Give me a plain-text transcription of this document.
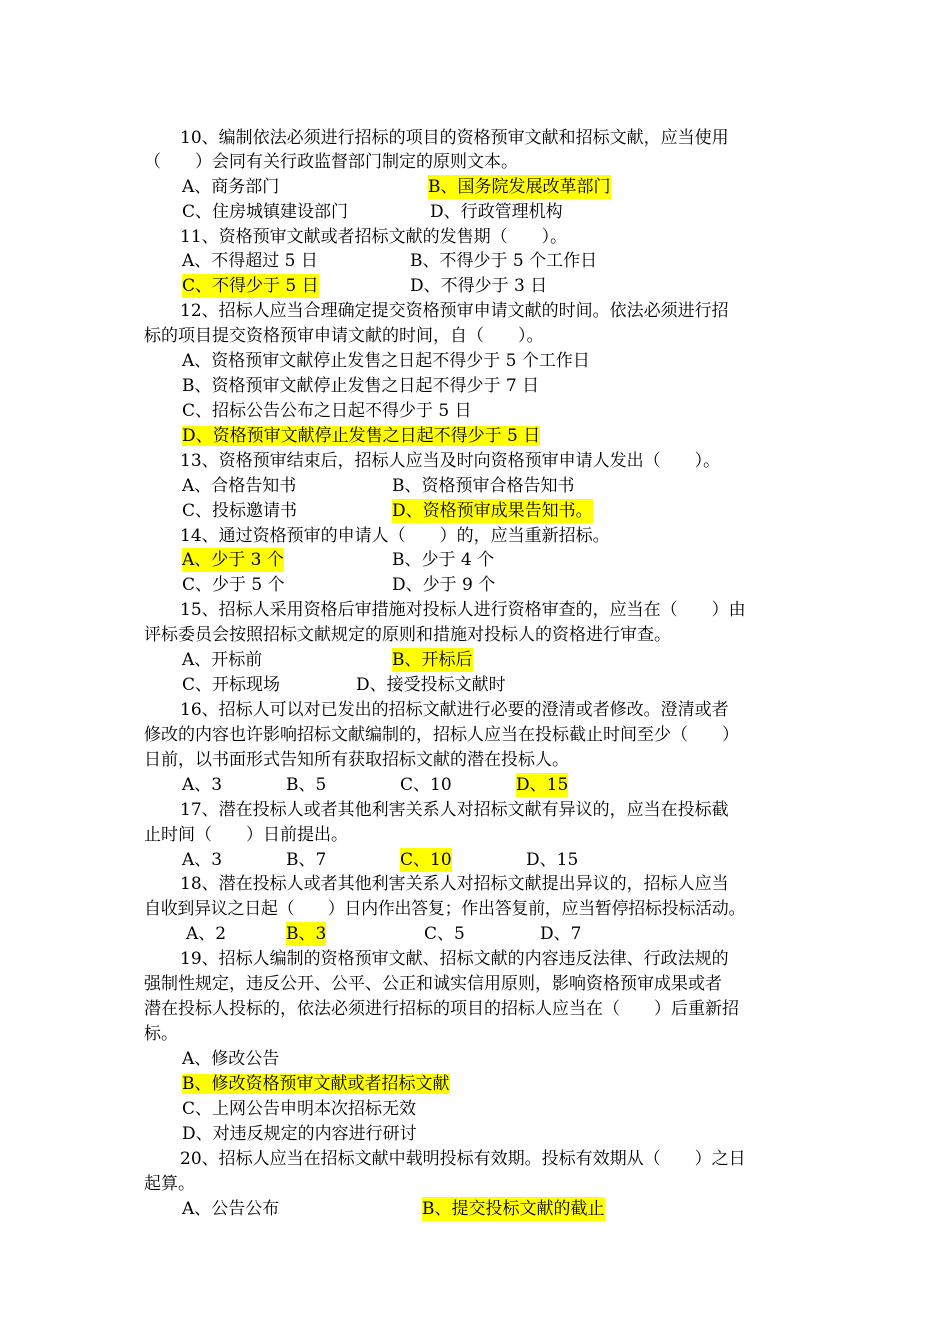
10、编制依法必须进行招标的项目的资格预审文献和招标文献，应当使用
（　　）会同有关行政监督部门制定的原则文本。
A、商务部门	B、国务院发展改革部门
C、住房城镇建设部门	D、行政管理机构
11、资格预审文献或者招标文献的发售期（　　）。
A、不得超过 5 日	B、不得少于 5 个工作日
C、不得少于 5 日	D、不得少于 3 日
12、招标人应当合理确定提交资格预审申请文献的时间。依法必须进行招
标的项目提交资格预审申请文献的时间，自（　　）。
A、资格预审文献停止发售之日起不得少于 5 个工作日
B、资格预审文献停止发售之日起不得少于 7 日
C、招标公告公布之日起不得少于 5 日
D、资格预审文献停止发售之日起不得少于 5 日
13、资格预审结束后，招标人应当及时向资格预审申请人发出（　　）。
A、合格告知书	B、资格预审合格告知书
C、投标邀请书	D、资格预审成果告知书。
14、通过资格预审的申请人（　　）的，应当重新招标。
A、少于 3 个	B、少于 4 个
C、少于 5 个	D、少于 9 个
15、招标人采用资格后审措施对投标人进行资格审查的，应当在（　　）由
评标委员会按照招标文献规定的原则和措施对投标人的资格进行审查。
A、开标前	B、开标后
C、开标现场	D、接受投标文献时
16、招标人可以对已发出的招标文献进行必要的澄清或者修改。澄清或者
修改的内容也许影响招标文献编制的，招标人应当在投标截止时间至少（　　）
日前，以书面形式告知所有获取招标文献的潜在投标人。
A、3	B、5	C、10	D、15
17、潜在投标人或者其他利害关系人对招标文献有异议的，应当在投标截
止时间（　　）日前提出。
A、3	B、7	C、10	D、15
18、潜在投标人或者其他利害关系人对招标文献提出异议的，招标人应当
自收到异议之日起（　　）日内作出答复；作出答复前，应当暂停招标投标活动。
A、2	B、3	C、5	D、7
19、招标人编制的资格预审文献、招标文献的内容违反法律、行政法规的
强制性规定，违反公开、公平、公正和诚实信用原则，影响资格预审成果或者
潜在投标人投标的，依法必须进行招标的项目的招标人应当在（　　）后重新招
标。
A、修改公告
B、修改资格预审文献或者招标文献
C、上网公告申明本次招标无效
D、对违反规定的内容进行研讨
20、招标人应当在招标文献中载明投标有效期。投标有效期从（　　）之日
起算。
A、公告公布	B、提交投标文献的截止
